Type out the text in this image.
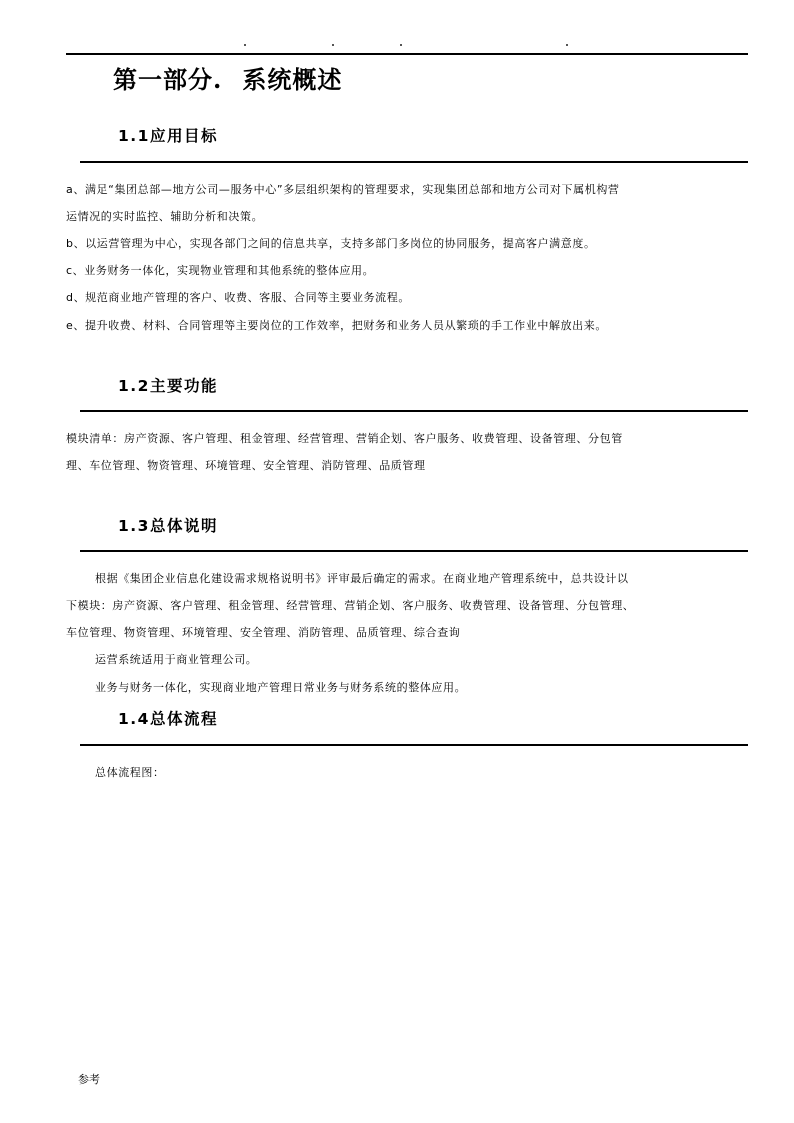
第一部分. 系统概述
1.1应用目标

a、满足“集团总部—地方公司—服务中心”多层组织架构的管理要求，实现集团总部和地方公司对下属机构营

运情况的实时监控、辅助分析和决策。

b、以运营管理为中心，实现各部门之间的信息共享，支持多部门多岗位的协同服务，提高客户满意度。

c、业务财务一体化，实现物业管理和其他系统的整体应用。

d、规范商业地产管理的客户、收费、客服、合同等主要业务流程。

e、提升收费、材料、合同管理等主要岗位的工作效率，把财务和业务人员从繁琐的手工作业中解放出来。

1.2主要功能

模块清单：房产资源、客户管理、租金管理、经营管理、营销企划、客户服务、收费管理、设备管理、分包管

理、车位管理、物资管理、环境管理、安全管理、消防管理、品质管理

1.3总体说明

根据《集团企业信息化建设需求规格说明书》评审最后确定的需求。在商业地产管理系统中，总共设计以

下模块：房产资源、客户管理、租金管理、经营管理、营销企划、客户服务、收费管理、设备管理、分包管理、

车位管理、物资管理、环境管理、安全管理、消防管理、品质管理、综合查询

运营系统适用于商业管理公司。

业务与财务一体化，实现商业地产管理日常业务与财务系统的整体应用。

1.4总体流程

总体流程图：

参考
